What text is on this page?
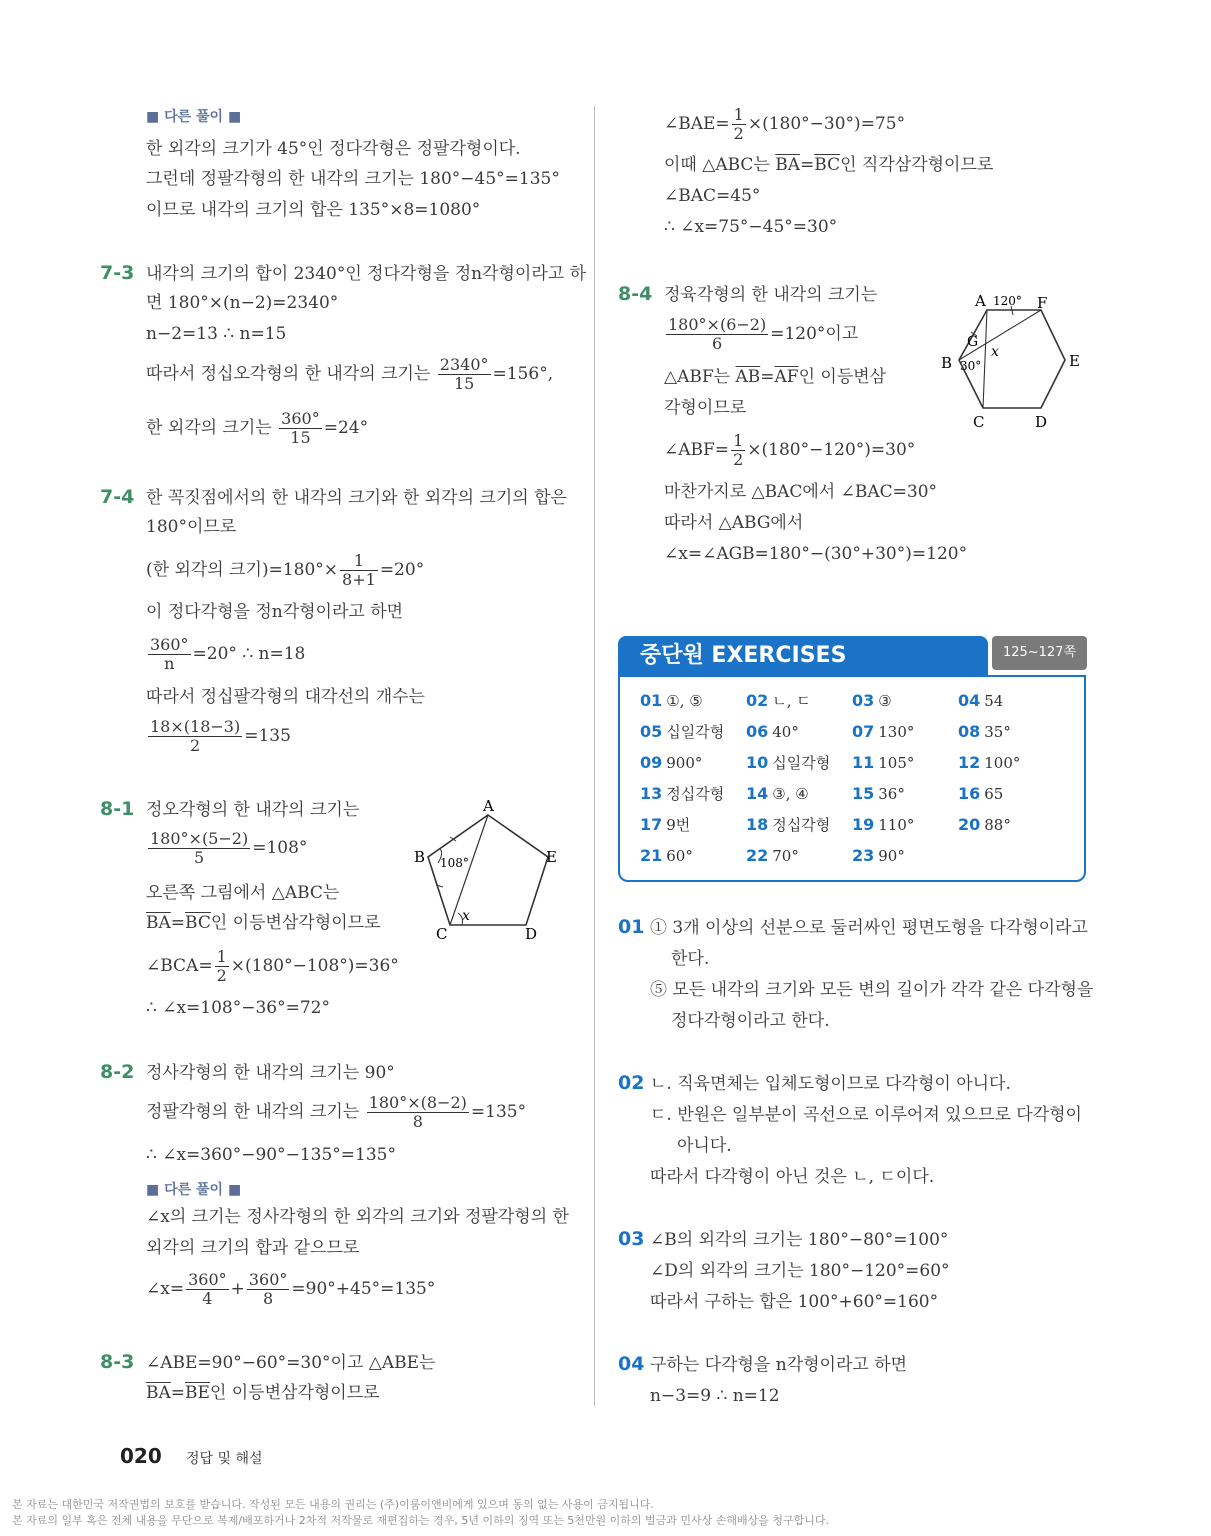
■ 다른 풀이 ■
한 외각의 크기가 45°인 정다각형은 정팔각형이다.
그런데 정팔각형의 한 내각의 크기는 180°−45°=135°
이므로 내각의 크기의 합은 135°×8=1080°
7-3 내각의 크기의 합이 2340°인 정다각형을 정n각형이라고 하
면 180°×(n−2)=2340°
n−2=13 ∴ n=15
따라서 정십오각형의 한 내각의 크기는 $\frac{2340^\circ}{15} =156^\circ$,
한 외각의 크기는 $\frac{360^\circ}{15} =24^\circ$
7-4 한 꼭짓점에서의 한 내각의 크기와 한 외각의 크기의 합은
180°이므로
(한 외각의 크기)$=180^\circ\times \frac{1}{8+1} =20^\circ$
이 정다각형을 정n각형이라고 하면
$\frac{360^\circ}{n} =20^\circ$ ∴ n=18
따라서 정십팔각형의 대각선의 개수는
$\frac{18\times(18-3)}{2} =135$
8-1 정오각형의 한 내각의 크기는
$\frac{180^\circ\times(5-2)}{5} =108^\circ$
오른쪽 그림에서 △ABC는
$\overline{BA}=\overline{BC}$인 이등변삼각형이므로
∠BCA= $\frac{1}{2} \times(180^\circ-108^\circ)=36^\circ$
∴ ∠x=108°−36°=72°
A
B
C	D
E
108°
x
8-2 정사각형의 한 내각의 크기는 90°
정팔각형의 한 내각의 크기는 $\frac{180^\circ\times(8-2)}{8} =135^\circ$
∴ ∠x=360°−90°−135°=135°
■ 다른 풀이 ■
∠x의 크기는 정사각형의 한 외각의 크기와 정팔각형의 한
외각의 크기의 합과 같으므로
∠x= $\frac{360^\circ}{4} + \frac{360^\circ}{8} =90^\circ+45^\circ=135^\circ$
8-3 ∠ABE=90°−60°=30°이고 △ABE는
$\overline{BA}=\overline{BE}$인 이등변삼각형이므로
∠BAE= $\frac{1}{2} \times(180^\circ-30^\circ)=75^\circ$
이때 △ABC는 $\overline{BA}=\overline{BC}$인 직각삼각형이므로
∠BAC=45°
∴ ∠x=75°−45°=30°
8-4 정육각형의 한 내각의 크기는
$\frac{180^\circ\times(6-2)}{6} =120^\circ$이고
△ABF는 $\overline{AB}=\overline{AF}$인 이등변삼
각형이므로
∠ABF= $\frac{1}{2} \times(180^\circ-120^\circ)=30^\circ$
마찬가지로 △BAC에서 ∠BAC=30°
따라서 △ABG에서
∠x=∠AGB=180°−(30°+30°)=120°
A	F
B	E
C	D
G
120°
30°
x
중단원 EXERCISES	125~127쪽
01 ①, ⑤	02 ㄴ, ㄷ	03 ③	04 54
05 십일각형 06 40°	07 130°	08 35°
09 900°	10 십일각형 11 105°	12 100°
13 정십각형 14 ③, ④	15 36°	16 65
17 9번	18 정십각형 19 110°	20 88°
21 60°	22 70°	23 90°
01 ① 3개 이상의 선분으로 둘러싸인 평면도형을 다각형이라고
한다.
⑤ 모든 내각의 크기와 모든 변의 길이가 각각 같은 다각형을
정다각형이라고 한다.
02 ㄴ. 직육면체는 입체도형이므로 다각형이 아니다.
ㄷ. 반원은 일부분이 곡선으로 이루어져 있으므로 다각형이
아니다.
따라서 다각형이 아닌 것은 ㄴ, ㄷ이다.
03 ∠B의 외각의 크기는 180°−80°=100°
∠D의 외각의 크기는 180°−120°=60°
따라서 구하는 합은 100°+60°=160°
04 구하는 다각형을 n각형이라고 하면
n−3=9 ∴ n=12
020 정답 및 해설
본 자료는 대한민국 저작권법의 보호를 받습니다. 작성된 모든 내용의 권리는 (주)이룸이앤비에게 있으며 동의 없는 사용이 금지됩니다.
본 자료의 일부 혹은 전체 내용을 무단으로 복제/배포하거나 2차적 저작물로 재편집하는 경우, 5년 이하의 징역 또는 5천만원 이하의 벌금과 민사상 손해배상을 청구합니다.
